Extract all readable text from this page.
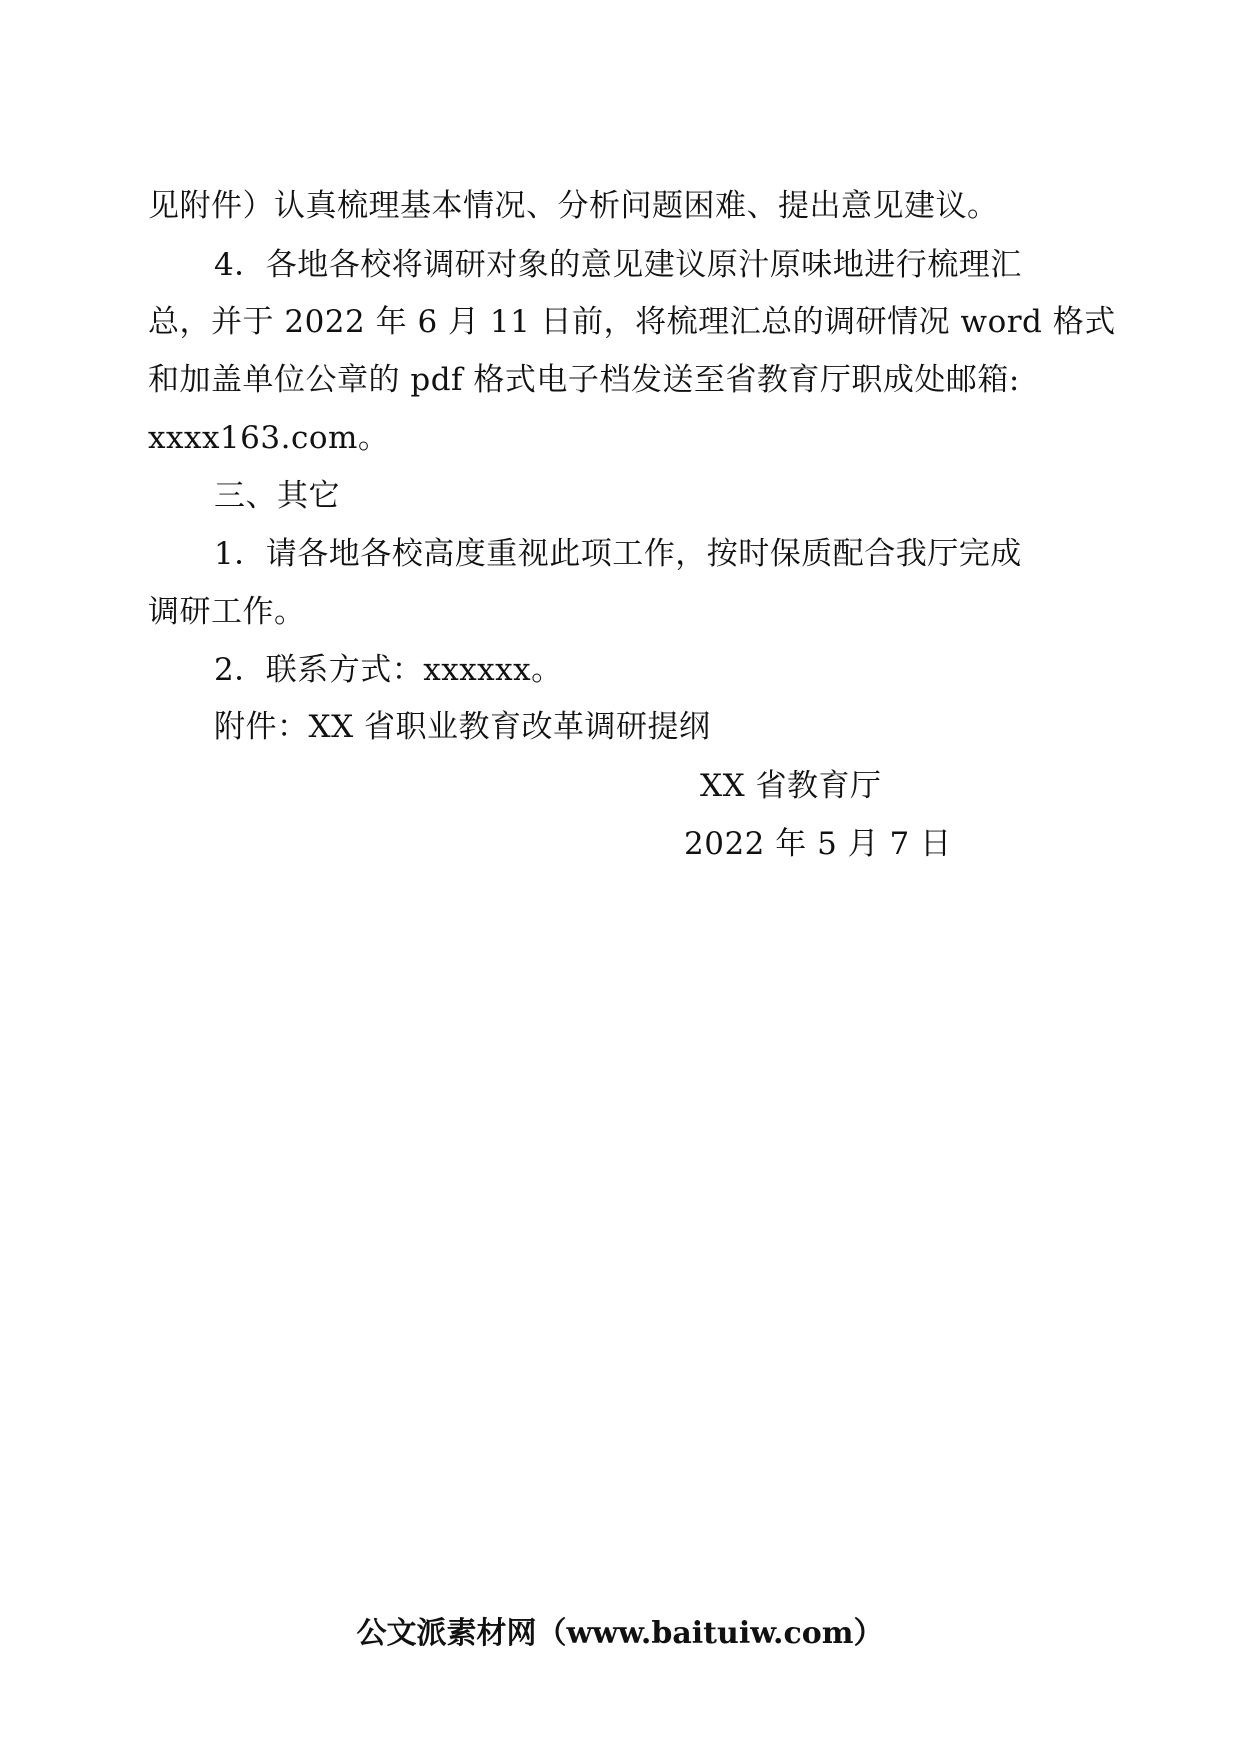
见附件）认真梳理基本情况、分析问题困难、提出意见建议。
4．各地各校将调研对象的意见建议原汁原味地进行梳理汇
总，并于 2022 年 6 月 11 日前，将梳理汇总的调研情况 word 格式
和加盖单位公章的 pdf 格式电子档发送至省教育厅职成处邮箱:
xxxx163.com。
三、其它
1．请各地各校高度重视此项工作，按时保质配合我厅完成
调研工作。
2．联系方式：xxxxxx。
附件：XX 省职业教育改革调研提纲
XX 省教育厅
2022 年 5 月 7 日
公文派素材网（www.baituiw.com）
